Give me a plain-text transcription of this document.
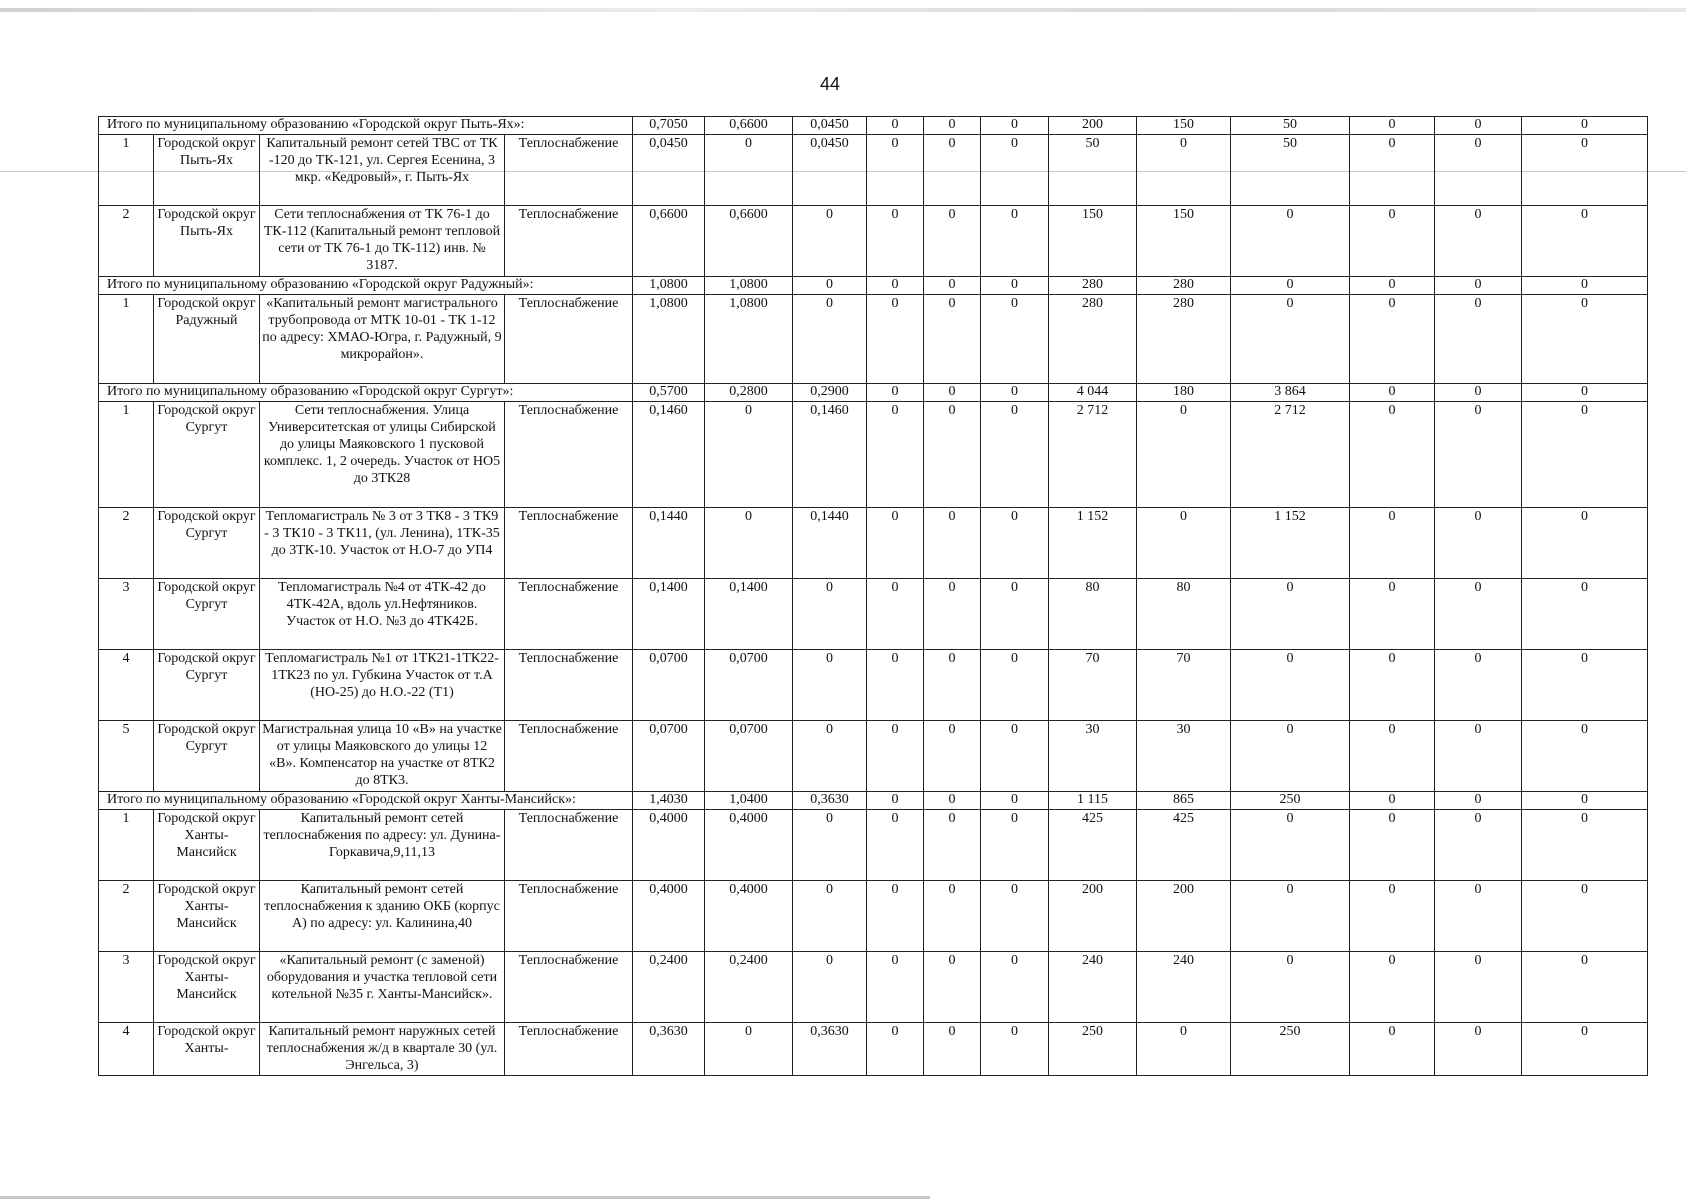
44
Итого по муниципальному образованию «Городской округ Пыть-Ях»:				0,7050	0,6600	0,0450	0	0	0	200	150	50	0	0	0
1	Городской округ Пыть-Ях	Капитальный ремонт сетей ТВС от ТК -120 до ТК-121, ул. Сергея Есенина, 3 мкр. «Кедровый», г. Пыть-Ях	Теплоснабжение	0,0450	0	0,0450	0	0	0	50	0	50	0	0	0
2	Городской округ Пыть-Ях	Сети теплоснабжения от ТК 76-1 до ТК-112 (Капитальный ремонт тепловой сети от ТК 76-1 до ТК-112) инв. № 3187.	Теплоснабжение	0,6600	0,6600	0	0	0	0	150	150	0	0	0	0
Итого по муниципальному образованию «Городской округ Радужный»:				1,0800	1,0800	0	0	0	0	280	280	0	0	0	0
1	Городской округ Радужный	«Капитальный ремонт магистрального трубопровода от МТК 10-01 - ТК 1-12 по адресу: ХМАО-Югра, г. Радужный, 9 микрорайон».	Теплоснабжение	1,0800	1,0800	0	0	0	0	280	280	0	0	0	0
Итого по муниципальному образованию «Городской округ Сургут»:				0,5700	0,2800	0,2900	0	0	0	4 044	180	3 864	0	0	0
1	Городской округ Сургут	Сети теплоснабжения. Улица Университетская от улицы Сибирской до улицы Маяковского 1 пусковой комплекс. 1, 2 очередь. Участок от НО5 до 3ТК28	Теплоснабжение	0,1460	0	0,1460	0	0	0	2 712	0	2 712	0	0	0
2	Городской округ Сургут	Тепломагистраль № 3 от 3 ТК8 - 3 ТК9 - 3 ТК10 - 3 ТК11, (ул. Ленина), 1ТК-35 до 3ТК-10. Участок от Н.О-7 до УП4	Теплоснабжение	0,1440	0	0,1440	0	0	0	1 152	0	1 152	0	0	0
3	Городской округ Сургут	Тепломагистраль №4 от 4ТК-42 до 4ТК-42А, вдоль ул.Нефтяников. Участок от Н.О. №3 до 4ТК42Б.	Теплоснабжение	0,1400	0,1400	0	0	0	0	80	80	0	0	0	0
4	Городской округ Сургут	Тепломагистраль №1 от 1ТК21-1ТК22-1ТК23 по ул. Губкина Участок от т.А (НО-25) до Н.О.-22 (Т1)	Теплоснабжение	0,0700	0,0700	0	0	0	0	70	70	0	0	0	0
5	Городской округ Сургут	Магистральная улица 10 «В» на участке от улицы Маяковского до улицы 12 «В». Компенсатор на участке от 8ТК2 до 8ТК3.	Теплоснабжение	0,0700	0,0700	0	0	0	0	30	30	0	0	0	0
Итого по муниципальному образованию «Городской округ Ханты-Мансийск»:				1,4030	1,0400	0,3630	0	0	0	1 115	865	250	0	0	0
1	Городской округ Ханты-Мансийск	Капитальный ремонт сетей теплоснабжения по адресу: ул. Дунина-Горкавича,9,11,13	Теплоснабжение	0,4000	0,4000	0	0	0	0	425	425	0	0	0	0
2	Городской округ Ханты-Мансийск	Капитальный ремонт сетей теплоснабжения к зданию ОКБ (корпус А) по адресу: ул. Калинина,40	Теплоснабжение	0,4000	0,4000	0	0	0	0	200	200	0	0	0	0
3	Городской округ Ханты-Мансийск	«Капитальный ремонт (с заменой) оборудования и участка тепловой сети котельной №35 г. Ханты-Мансийск».	Теплоснабжение	0,2400	0,2400	0	0	0	0	240	240	0	0	0	0
4	Городской округ Ханты-	Капитальный ремонт наружных сетей теплоснабжения ж/д в квартале 30 (ул. Энгельса, 3)	Теплоснабжение	0,3630	0	0,3630	0	0	0	250	0	250	0	0	0
